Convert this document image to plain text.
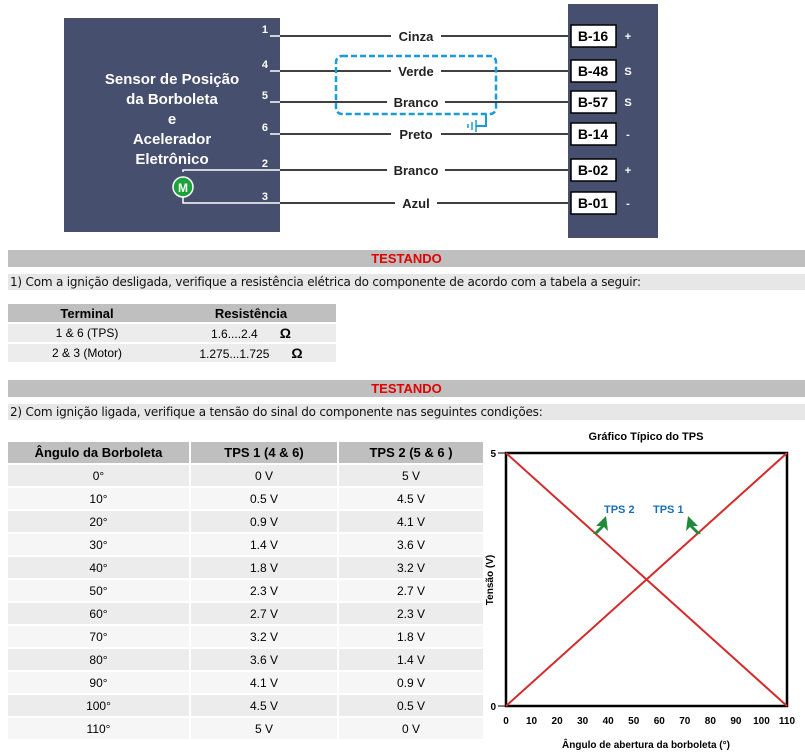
Sensor de Posição
da Borboleta
e
Acelerador
Eletrônico
M
1	Cinza	B-16 +
4	Verde	B-48 S
5	Branco	B-57 S
6	Preto	B-14 -
2	Branco	B-02 +
3	Azul	B-01 -
TESTANDO
1) Com a ignição desligada, verifique a resistência elétrica do componente de acordo com a tabela a seguir:
Terminal	Resistência
1 & 6 (TPS)	1.6....2.4 Ω
2 & 3 (Motor)	1.275...1.725 Ω
TESTANDO
2) Com ignição ligada, verifique a tensão do sinal do componente nas seguintes condições:
Ângulo da Borboleta	TPS 1 (4 & 6)	TPS 2 (5 & 6 )
0°	0 V	5 V
10°	0.5 V	4.5 V
20°	0.9 V	4.1 V
30°	1.4 V	3.6 V
40°	1.8 V	3.2 V
50°	2.3 V	2.7 V
60°	2.7 V	2.3 V
70°	3.2 V	1.8 V
80°	3.6 V	1.4 V
90°	4.1 V	0.9 V
100°	4.5 V	0.5 V
110°	5 V	0 V
Gráfico Típico do TPS
Tensão (V)
Ângulo de abertura da borboleta (°)
0 10 20 30 40 50 60 70 80 90 100 110
0
5
TPS 2 TPS 1
